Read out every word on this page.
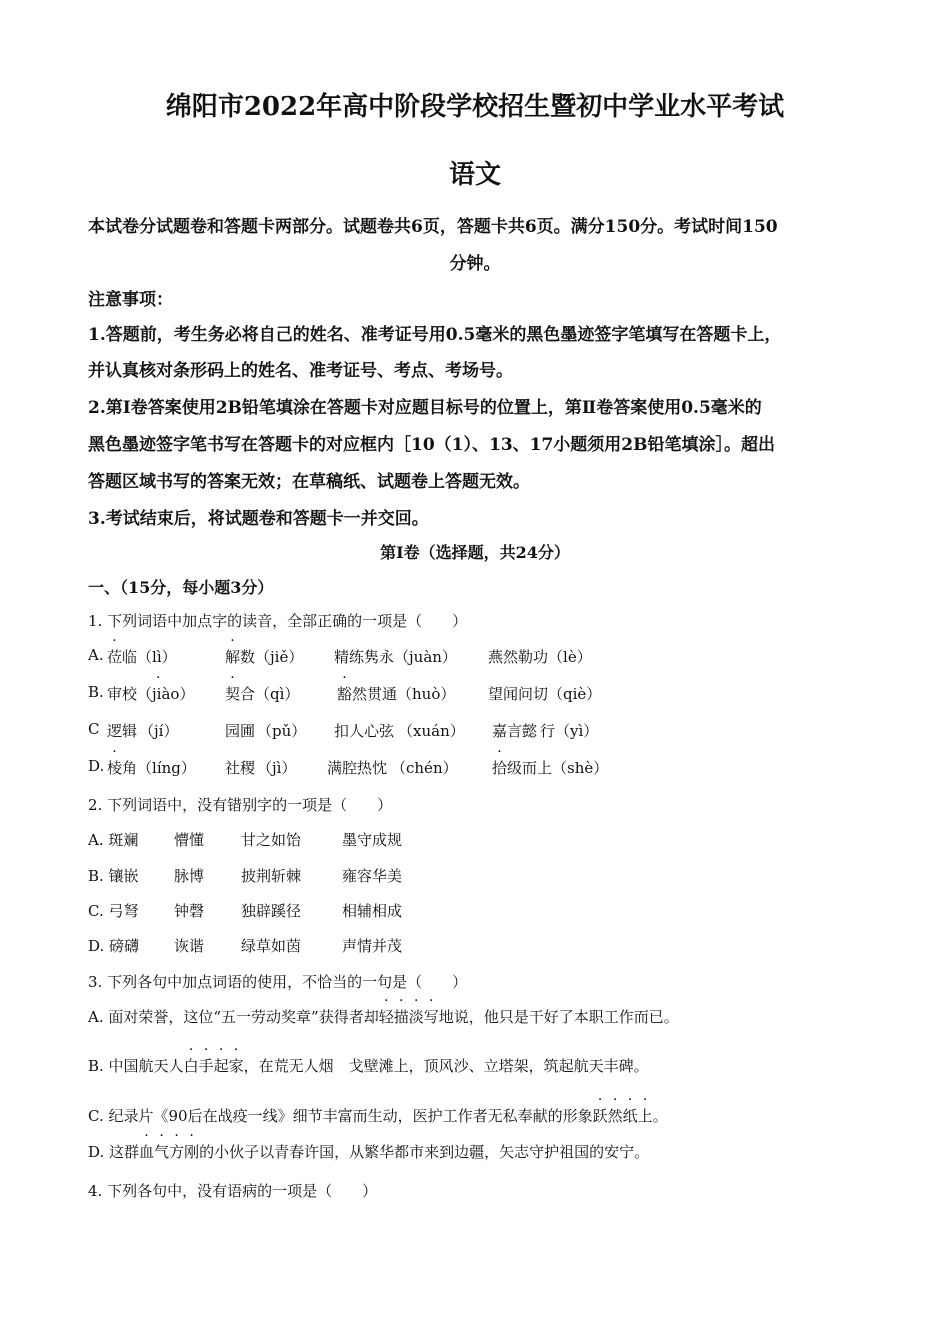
绵阳市2022年高中阶段学校招生暨初中学业水平考试
语文
本试卷分试题卷和答题卡两部分。试题卷共6页，答题卡共6页。满分150分。考试时间150
分钟。
注意事项：
1.答题前，考生务必将自己的姓名、准考证号用0.5毫米的黑色墨迹签字笔填写在答题卡上，
并认真核对条形码上的姓名、准考证号、考点、考场号。
2.第Ⅰ卷答案使用2B铅笔填涂在答题卡对应题目标号的位置上，第Ⅱ卷答案使用0.5毫米的
黑色墨迹签字笔书写在答题卡的对应框内［10（1）、13、17小题须用2B铅笔填涂］。超出
答题区域书写的答案无效；在草稿纸、试题卷上答题无效。
3.考试结束后，将试题卷和答题卡一并交回。
第Ⅰ卷（选择题，共24分）
一、（15分，每小题3分）
1. 下列词语中加点字的读音，全部正确的一项是（　　）
A. 莅临（lì）	解数（jiě） 精练隽永（juàn） 燕然勒功（lè）
B. 审· 校（jiào） 契合（qì）	豁然贯通（huò） 望闻问切（qiè）
C 逻辑 （jí）	园圃 （pǔ） 扣人心弦 （xuán） 嘉言懿 行（yì）
D. 棱角（líng） 社稷 （jì） 满腔热忱 （chén） 拾级而上（shè）
2. 下列词语中，没有错别字的一项是（　　）
A. 斑斓 懵懂 甘之如饴	墨守成规
B. 镶嵌 脉博 披荆斩棘	雍容华美
C. 弓弩 钟磬 独辟蹊径	相辅相成
D. 磅礴 诙谐 绿草如茵	声情并茂
3. 下列各句中加点词语的使用，不恰当的一句是（　　）
A. 面对荣誉，这位“五一劳动奖章”获得者却轻描淡写地说，他只是干好了本职工作而已。
B. 中国航天人白手起家，在荒无人烟　戈壁滩上，顶风沙、立塔架，筑起航天丰碑。
C. 纪录片《90后在战疫一线》细节丰富而生动，医护工作者无私奉献的形象跃然纸上。
D. 这群血气方刚的小伙子以青春许国，从繁华都市来到边疆，矢志守护祖国的安宁。
4. 下列各句中，没有语病的一项是（　　）
